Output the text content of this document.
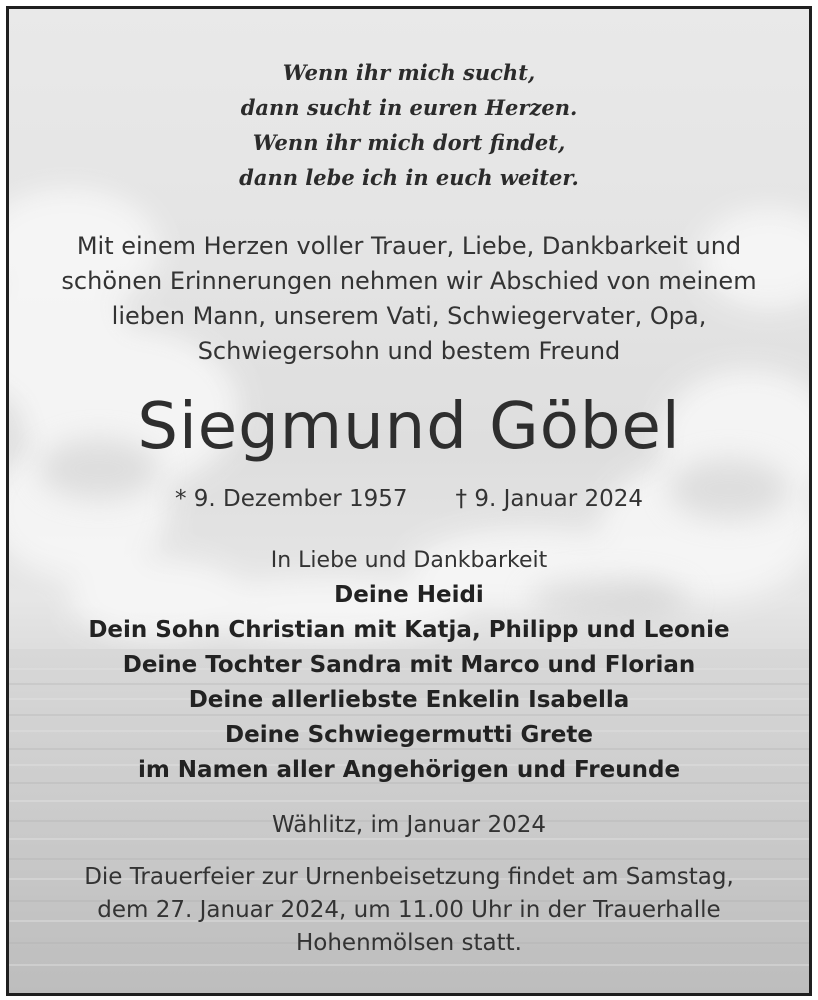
Wenn ihr mich sucht,
dann sucht in euren Herzen.
Wenn ihr mich dort findet,
dann lebe ich in euch weiter.
Mit einem Herzen voller Trauer, Liebe, Dankbarkeit und
schönen Erinnerungen nehmen wir Abschied von meinem
lieben Mann, unserem Vati, Schwiegervater, Opa,
Schwiegersohn und bestem Freund
Siegmund Göbel
* 9. Dezember 1957 † 9. Januar 2024
In Liebe und Dankbarkeit
Deine Heidi
Dein Sohn Christian mit Katja, Philipp und Leonie
Deine Tochter Sandra mit Marco und Florian
Deine allerliebste Enkelin Isabella
Deine Schwiegermutti Grete
im Namen aller Angehörigen und Freunde
Wählitz, im Januar 2024
Die Trauerfeier zur Urnenbeisetzung findet am Samstag,
dem 27. Januar 2024, um 11.00 Uhr in der Trauerhalle
Hohenmölsen statt.
